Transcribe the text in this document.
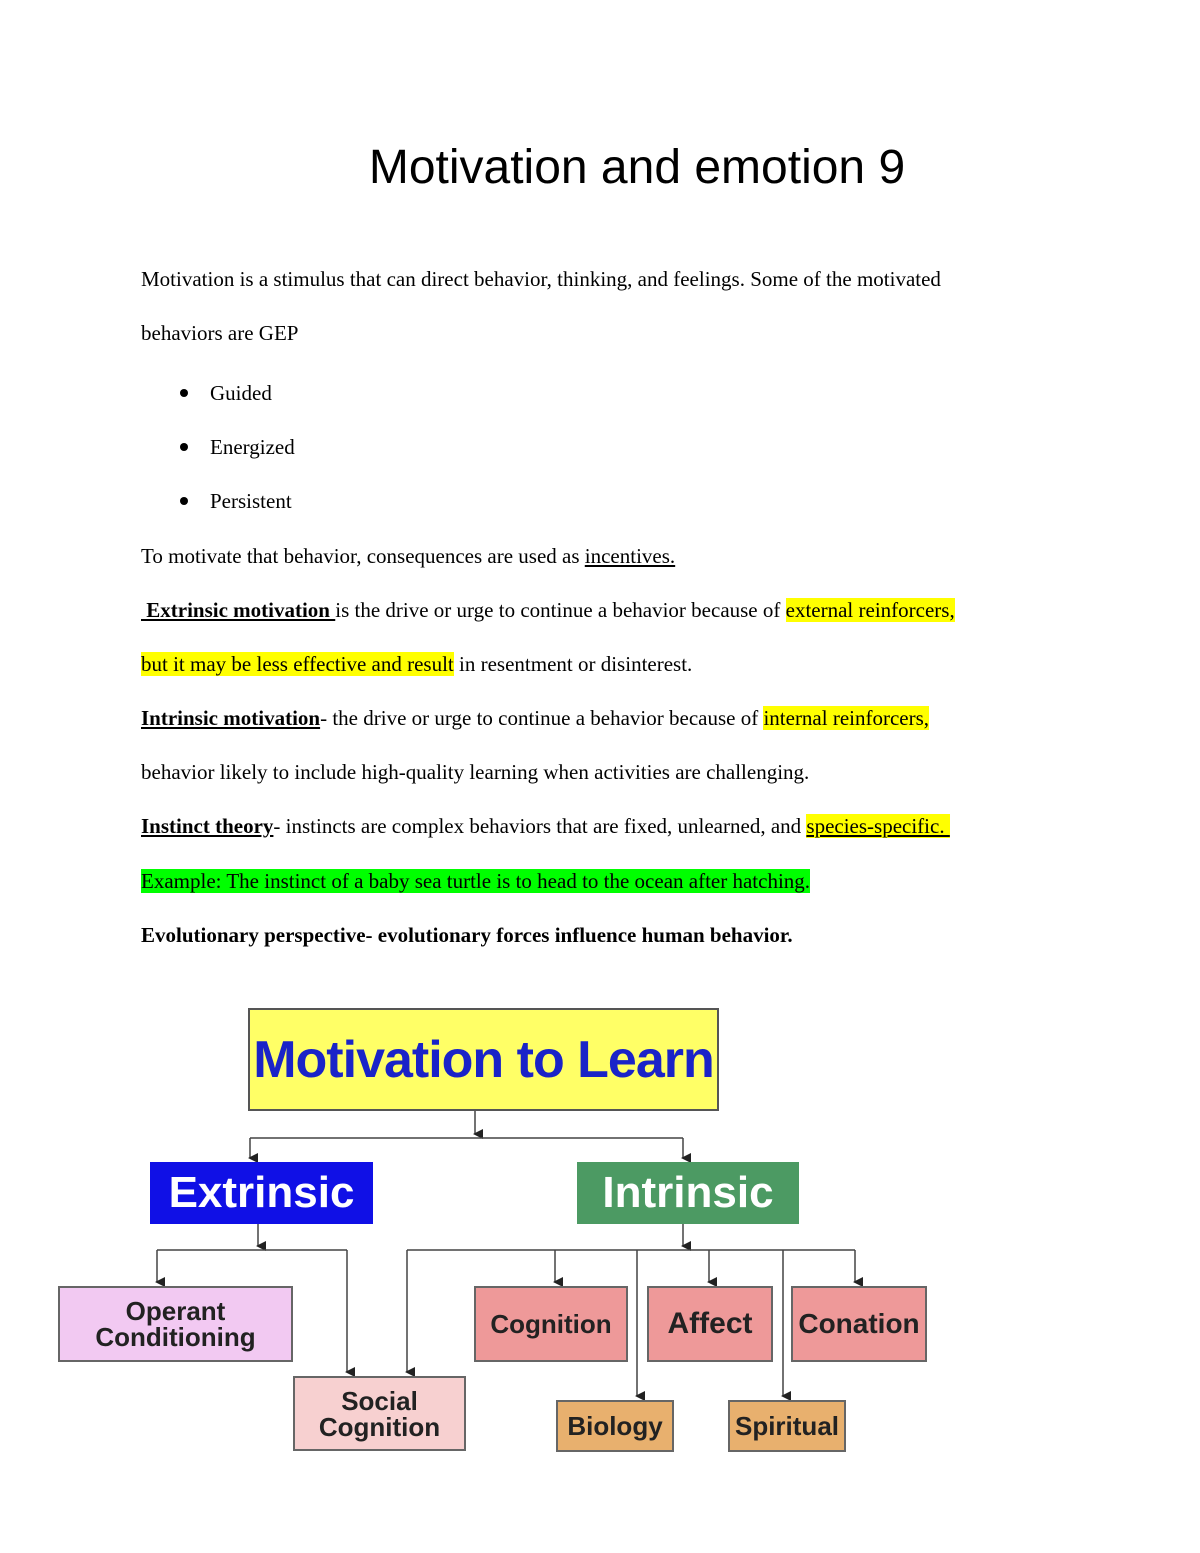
Motivation and emotion 9
Motivation is a stimulus that can direct behavior, thinking, and feelings. Some of the motivated
behaviors are GEP
Guided
Energized
Persistent
To motivate that behavior, consequences are used as incentives.
Extrinsic motivation is the drive or urge to continue a behavior because of external reinforcers,
but it may be less effective and result in resentment or disinterest.
Intrinsic motivation- the drive or urge to continue a behavior because of internal reinforcers,
behavior likely to include high-quality learning when activities are challenging.
Instinct theory- instincts are complex behaviors that are fixed, unlearned, and species-specific.
Example: The instinct of a baby sea turtle is to head to the ocean after hatching.
Evolutionary perspective- evolutionary forces influence human behavior.
Motivation to Learn
Extrinsic	Intrinsic
Operant
Conditioning
Social
Cognition
Cognition	Affect	Conation
Biology	Spiritual
